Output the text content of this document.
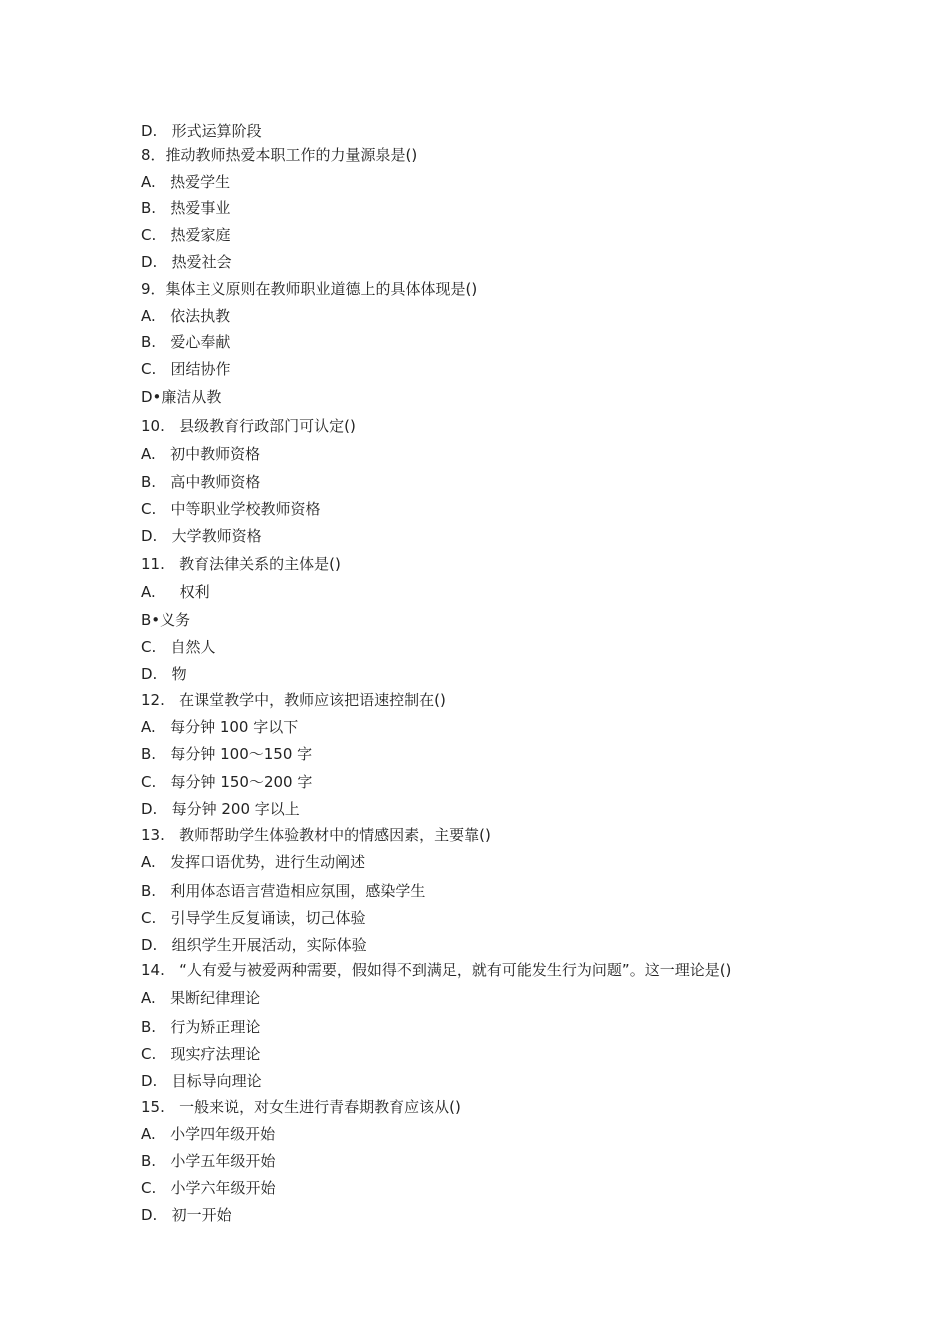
D.   形式运算阶段
8．推动教师热爱本职工作的力量源泉是()
A.   热爱学生
B.   热爱事业
C.   热爱家庭
D.   热爱社会
9．集体主义原则在教师职业道德上的具体体现是()
A.   依法执教
B.   爱心奉献
C.   团结协作
D•廉洁从教
10.   县级教育行政部门可认定()
A.   初中教师资格
B.   高中教师资格
C.   中等职业学校教师资格
D.   大学教师资格
11.   教育法律关系的主体是()
A.     权利
B•义务
C.   自然人
D.   物
12.   在课堂教学中，教师应该把语速控制在()
A.   每分钟 100 字以下
B.   每分钟 100〜150 字
C.   每分钟 150〜200 字
D.   每分钟 200 字以上
13.   教师帮助学生体验教材中的情感因素，主要靠()
A.   发挥口语优势，进行生动阐述
B.   利用体态语言营造相应氛围，感染学生
C.   引导学生反复诵读，切己体验
D.   组织学生开展活动，实际体验
14.   “人有爱与被爱两种需要，假如得不到满足，就有可能发生行为问题”。这一理论是()
A.   果断纪律理论
B.   行为矫正理论
C.   现实疗法理论
D.   目标导向理论
15.   一般来说，对女生进行青春期教育应该从()
A.   小学四年级开始
B.   小学五年级开始
C.   小学六年级开始
D.   初一开始
